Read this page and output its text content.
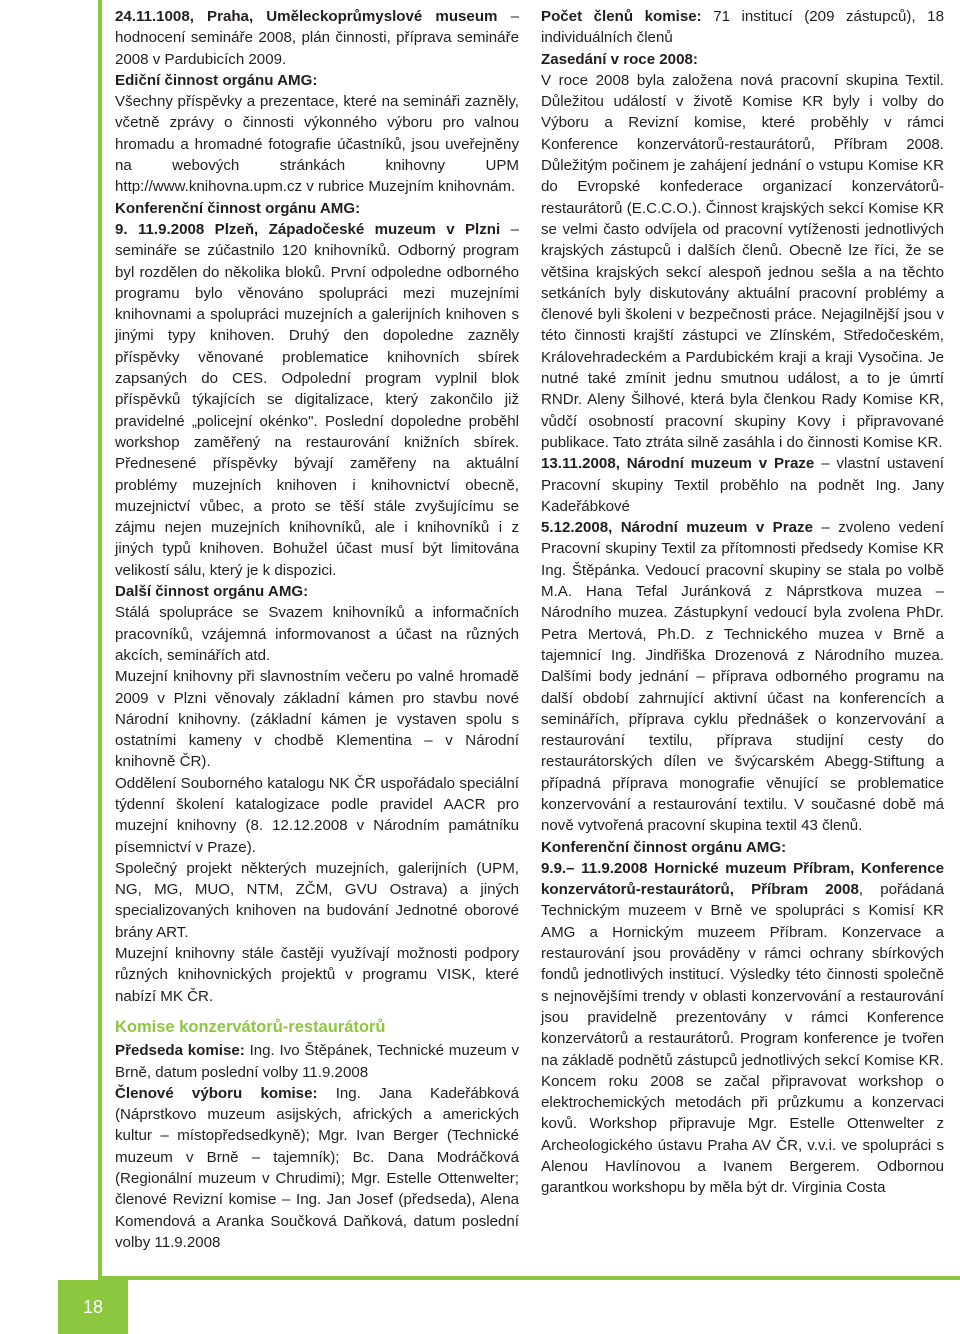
18

24.11.1008, Praha, Uměleckoprůmyslové museum – hodnocení semináře 2008, plán činnosti, příprava semináře 2008 v Pardubicích 2009.

Ediční činnost orgánu AMG:

Všechny příspěvky a prezentace, které na semináři zazněly, včetně zprávy o činnosti výkonného výboru pro valnou hromadu a hromadné fotografie účastníků, jsou uveřejněny na webových stránkách knihovny UPM http://www.knihovna.upm.cz v rubrice Muzejním knihovnám.

Konferenční činnost orgánu AMG:

9. 11.9.2008 Plzeň, Západočeské muzeum v Plzni – semináře se zúčastnilo 120 knihovníků. Odborný program byl rozdělen do několika bloků. První odpoledne odborného programu bylo věnováno spolupráci mezi muzejními knihovnami a spolupráci muzejních a galerijních knihoven s jinými typy knihoven. Druhý den dopoledne zazněly příspěvky věnované problematice knihovních sbírek zapsaných do CES. Odpolední program vyplnil blok příspěvků týkajících se digitalizace, který zakončilo již pravidelné „policejní okénko". Poslední dopoledne proběhl workshop zaměřený na restaurování knižních sbírek. Přednesené příspěvky bývají zaměřeny na aktuální problémy muzejních knihoven i knihovnictví obecně, muzejnictví vůbec, a proto se těší stále zvyšujícímu se zájmu nejen muzejních knihovníků, ale i knihovníků i z jiných typů knihoven. Bohužel účast musí být limitována velikostí sálu, který je k dispozici.

Další činnost orgánu AMG:

Stálá spolupráce se Svazem knihovníků a informačních pracovníků, vzájemná informovanost a účast na různých akcích, seminářích atd.

Muzejní knihovny při slavnostním večeru po valné hromadě 2009 v Plzni věnovaly základní kámen pro stavbu nové Národní knihovny. (základní kámen je vystaven spolu s ostatními kameny v chodbě Klementina – v Národní knihovně ČR).

Oddělení Souborného katalogu NK ČR uspořádalo speciální týdenní školení katalogizace podle pravidel AACR pro muzejní knihovny (8. 12.12.2008 v Národním památníku písemnictví v Praze).

Společný projekt některých muzejních, galerijních (UPM, NG, MG, MUO, NTM, ZČM, GVU Ostrava) a jiných specializovaných knihoven na budování Jednotné oborové brány ART.

Muzejní knihovny stále častěji využívají možnosti podpory různých knihovnických projektů v programu VISK, které nabízí MK ČR.

Komise konzervátorů-restaurátorů

Předseda komise: Ing. Ivo Štěpánek, Technické muzeum v Brně, datum poslední volby 11.9.2008

Členové výboru komise: Ing. Jana Kadeřábková (Náprstkovo muzeum asijských, afrických a amerických kultur – místopředsedkyně); Mgr. Ivan Berger (Technické muzeum v Brně – tajemník); Bc. Dana Modráčková (Regionální muzeum v Chrudimi); Mgr. Estelle Ottenwelter; členové Revizní komise – Ing. Jan Josef (předseda), Alena Komendová a Aranka Součková Daňková, datum poslední volby 11.9.2008

Počet členů komise: 71 institucí (209 zástupců), 18 individuálních členů

Zasedání v roce 2008:

V roce 2008 byla založena nová pracovní skupina Textil. Důležitou událostí v životě Komise KR byly i volby do Výboru a Revizní komise, které proběhly v rámci Konference konzervátorů-restaurátorů, Příbram 2008. Důležitým počinem je zahájení jednání o vstupu Komise KR do Evropské konfederace organizací konzervátorů-restaurátorů (E.C.C.O.). Činnost krajských sekcí Komise KR se velmi často odvíjela od pracovní vytíženosti jednotlivých krajských zástupců i dalších členů. Obecně lze říci, že se většina krajských sekcí alespoň jednou sešla a na těchto setkáních byly diskutovány aktuální pracovní problémy a členové byli školeni v bezpečnosti práce. Nejagilnější jsou v této činnosti krajští zástupci ve Zlínském, Středočeském, Královehradeckém a Pardubickém kraji a kraji Vysočina. Je nutné také zmínit jednu smutnou událost, a to je úmrtí RNDr. Aleny Šilhové, která byla členkou Rady Komise KR, vůdčí osobností pracovní skupiny Kovy i připravované publikace. Tato ztráta silně zasáhla i do činnosti Komise KR.

13.11.2008, Národní muzeum v Praze – vlastní ustavení Pracovní skupiny Textil proběhlo na podnět Ing. Jany Kadeřábkové

5.12.2008, Národní muzeum v Praze – zvoleno vedení Pracovní skupiny Textil za přítomnosti předsedy Komise KR Ing. Štěpánka. Vedoucí pracovní skupiny se stala po volbě M.A. Hana Tefal Juránková z Náprstkova muzea – Národního muzea. Zástupkyní vedoucí byla zvolena PhDr. Petra Mertová, Ph.D. z Technického muzea v Brně a tajemnicí Ing. Jindřiška Drozenová z Národního muzea. Dalšími body jednání – příprava odborného programu na další období zahrnující aktivní účast na konferencích a seminářích, příprava cyklu přednášek o konzervování a restaurování textilu, příprava studijní cesty do restaurátorských dílen ve švýcarském Abegg-Stiftung a případná příprava monografie věnující se problematice konzervování a restaurování textilu. V současné době má nově vytvořená pracovní skupina textil 43 členů.

Konferenční činnost orgánu AMG:

9.9.– 11.9.2008 Hornické muzeum Příbram, Konference konzervátorů-restaurátorů, Příbram 2008, pořádaná Technickým muzeem v Brně ve spolupráci s Komisí KR AMG a Hornickým muzeem Příbram. Konzervace a restaurování jsou prováděny v rámci ochrany sbírkových fondů jednotlivých institucí. Výsledky této činnosti společně s nejnovějšími trendy v oblasti konzervování a restaurování jsou pravidelně prezentovány v rámci Konference konzervátorů a restaurátorů. Program konference je tvořen na základě podnětů zástupců jednotlivých sekcí Komise KR.

Koncem roku 2008 se začal připravovat workshop o elektrochemických metodách při průzkumu a konzervaci kovů. Workshop připravuje Mgr. Estelle Ottenwelter z Archeologického ústavu Praha AV ČR, v.v.i. ve spolupráci s Alenou Havlínovou a Ivanem Bergerem. Odbornou garantkou workshopu by měla být dr. Virginia Costa
